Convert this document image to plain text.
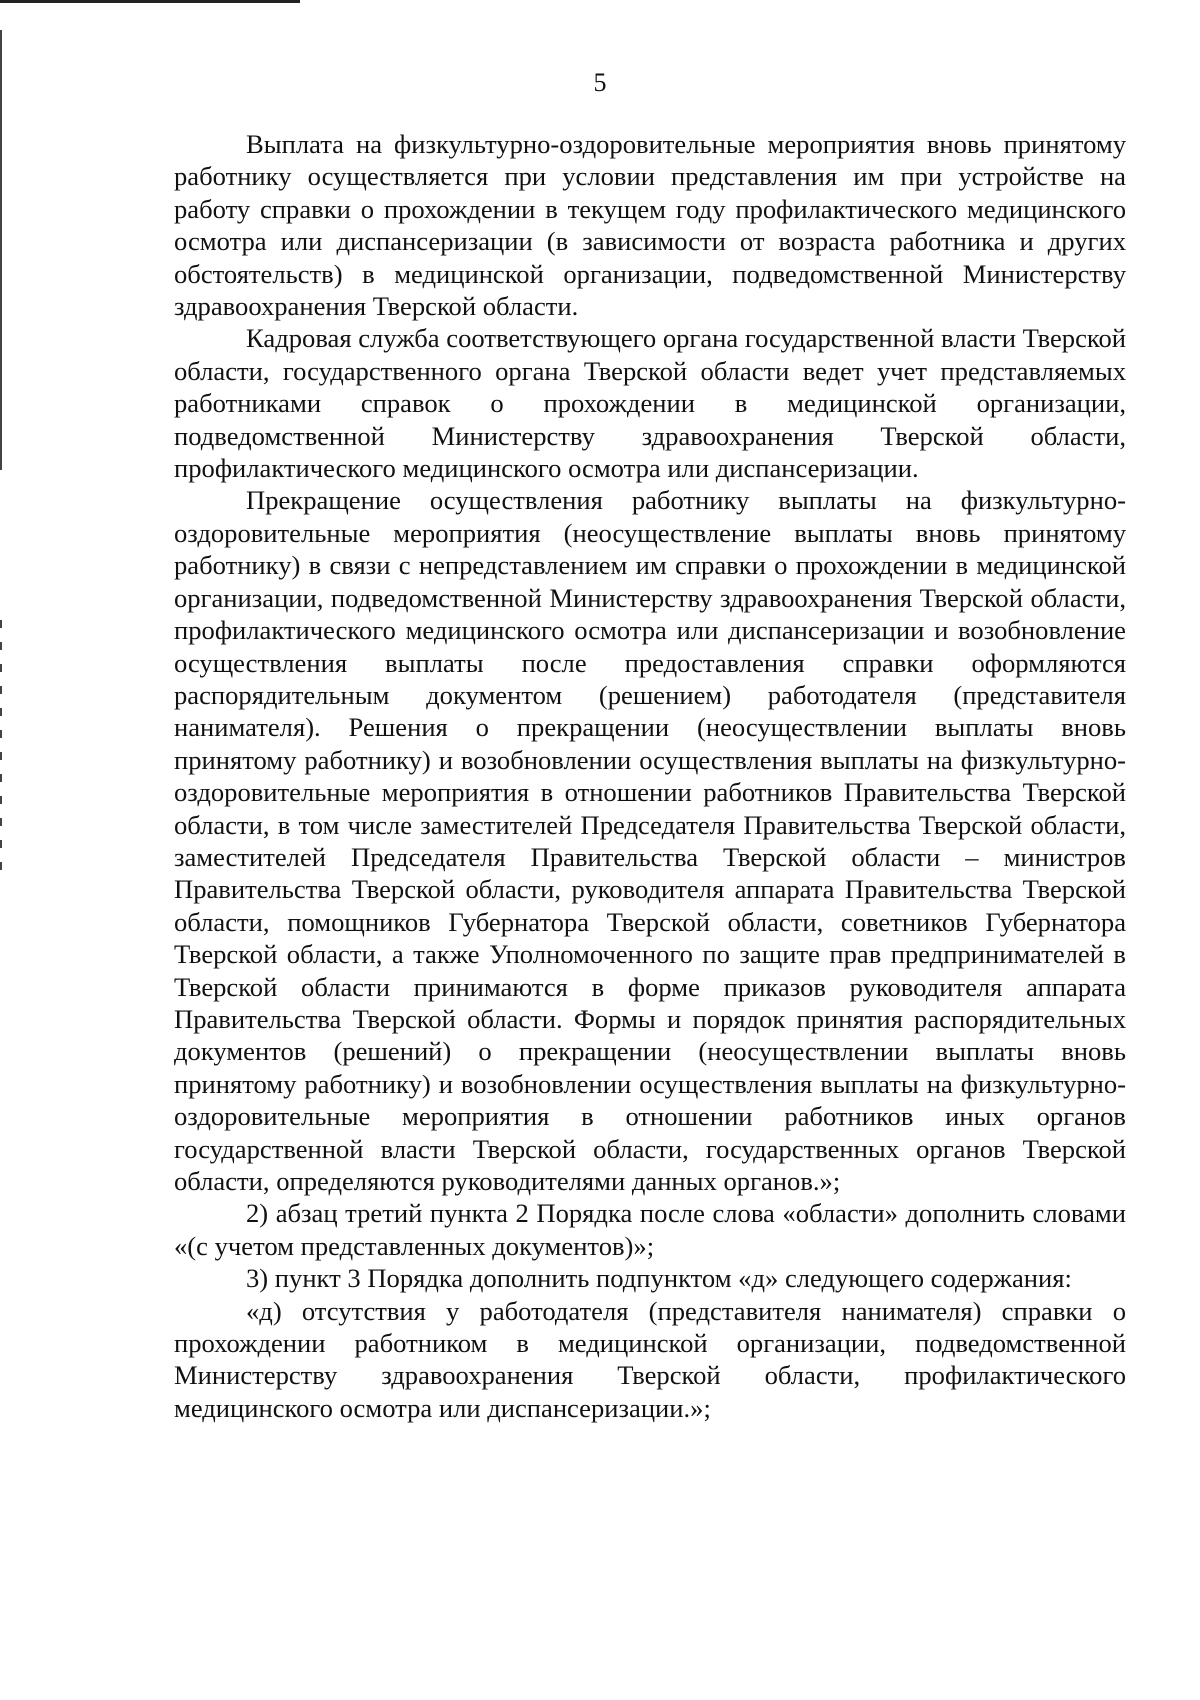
5

Выплата на физкультурно-оздоровительные мероприятия вновь принятому работнику осуществляется при условии представления им при устройстве на работу справки о прохождении в текущем году профилактического медицинского осмотра или диспансеризации (в зависимости от возраста работника и других обстоятельств) в медицинской организации, подведомственной Министерству здравоохранения Тверской области.

Кадровая служба соответствующего органа государственной власти Тверской области, государственного органа Тверской области ведет учет представляемых работниками справок о прохождении в медицинской организации, подведомственной Министерству здравоохранения Тверской области, профилактического медицинского осмотра или диспансеризации.

Прекращение осуществления работнику выплаты на физкультурно-оздоровительные мероприятия (неосуществление выплаты вновь принятому работнику) в связи с непредставлением им справки о прохождении в медицинской организации, подведомственной Министерству здравоохранения Тверской области, профилактического медицинского осмотра или диспансеризации и возобновление осуществления выплаты после предоставления справки оформляются распорядительным документом (решением) работодателя (представителя нанимателя). Решения о прекращении (неосуществлении выплаты вновь принятому работнику) и возобновлении осуществления выплаты на физкультурно-оздоровительные мероприятия в отношении работников Правительства Тверской области, в том числе заместителей Председателя Правительства Тверской области, заместителей Председателя Правительства Тверской области – министров Правительства Тверской области, руководителя аппарата Правительства Тверской области, помощников Губернатора Тверской области, советников Губернатора Тверской области, а также Уполномоченного по защите прав предпринимателей в Тверской области принимаются в форме приказов руководителя аппарата Правительства Тверской области. Формы и порядок принятия распорядительных документов (решений) о прекращении (неосуществлении выплаты вновь принятому работнику) и возобновлении осуществления выплаты на физкультурно-оздоровительные мероприятия в отношении работников иных органов государственной власти Тверской области, государственных органов Тверской области, определяются руководителями данных органов.»;

2) абзац третий пункта 2 Порядка после слова «области» дополнить словами «(с учетом представленных документов)»;

3) пункт 3 Порядка дополнить подпунктом «д» следующего содержания:

«д) отсутствия у работодателя (представителя нанимателя) справки о прохождении работником в медицинской организации, подведомственной Министерству здравоохранения Тверской области, профилактического медицинского осмотра или диспансеризации.»;
